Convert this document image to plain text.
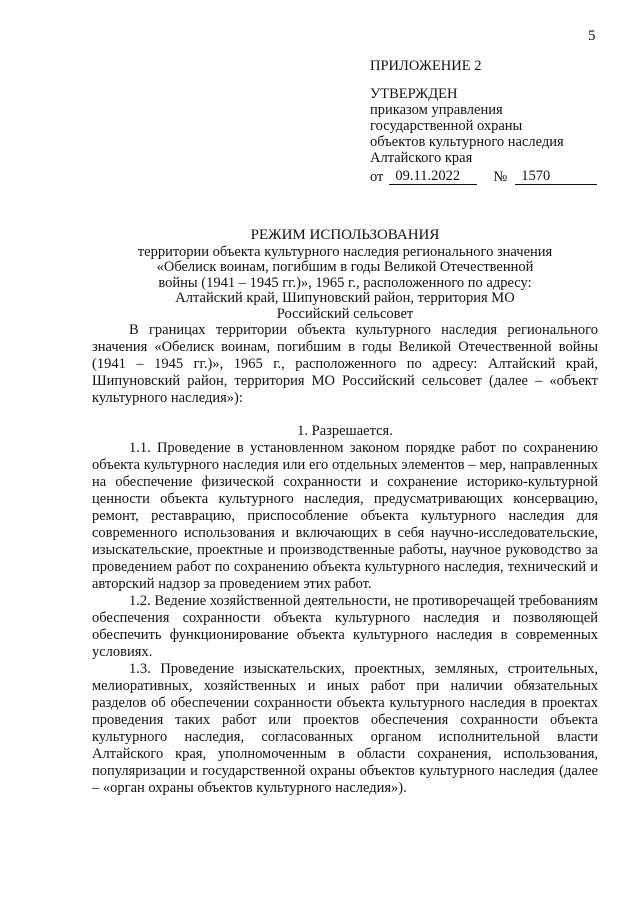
5

ПРИЛОЖЕНИЕ 2

УТВЕРЖДЕН

приказом управления

государственной охраны

объектов культурного наследия

Алтайского края

от 09.11.2022	№ 1570
РЕЖИМ ИСПОЛЬЗОВАНИЯ
территории объекта культурного наследия регионального значения
«Обелиск воинам, погибшим в годы Великой Отечественной
войны (1941 – 1945 гг.)», 1965 г., расположенного по адресу:
Алтайский край, Шипуновский район, территория МО
Российский сельсовет

В границах территории объекта культурного наследия регионального значения «Обелиск воинам, погибшим в годы Великой Отечественной войны (1941 – 1945 гг.)», 1965 г., расположенного по адресу: Алтайский край, Шипуновский район, территория МО Российский сельсовет (далее – «объект культурного наследия»):

1. Разрешается.

1.1. Проведение в установленном законом порядке работ по сохранению объекта культурного наследия или его отдельных элементов – мер, направленных на обеспечение физической сохранности и сохранение историко-культурной ценности объекта культурного наследия, предусматривающих консервацию, ремонт, реставрацию, приспособление объекта культурного наследия для современного использования и включающих в себя научно-исследовательские, изыскательские, проектные и производственные работы, научное руководство за проведением работ по сохранению объекта культурного наследия, технический и авторский надзор за проведением этих работ.

1.2. Ведение хозяйственной деятельности, не противоречащей требованиям обеспечения сохранности объекта культурного наследия и позволяющей обеспечить функционирование объекта культурного наследия в современных условиях.

1.3. Проведение изыскательских, проектных, земляных, строительных, мелиоративных, хозяйственных и иных работ при наличии обязательных разделов об обеспечении сохранности объекта культурного наследия в проектах проведения таких работ или проектов обеспечения сохранности объекта культурного наследия, согласованных органом исполнительной власти Алтайского края, уполномоченным в области сохранения, использования, популяризации и государственной охраны объектов культурного наследия (далее – «орган охраны объектов культурного наследия»).
